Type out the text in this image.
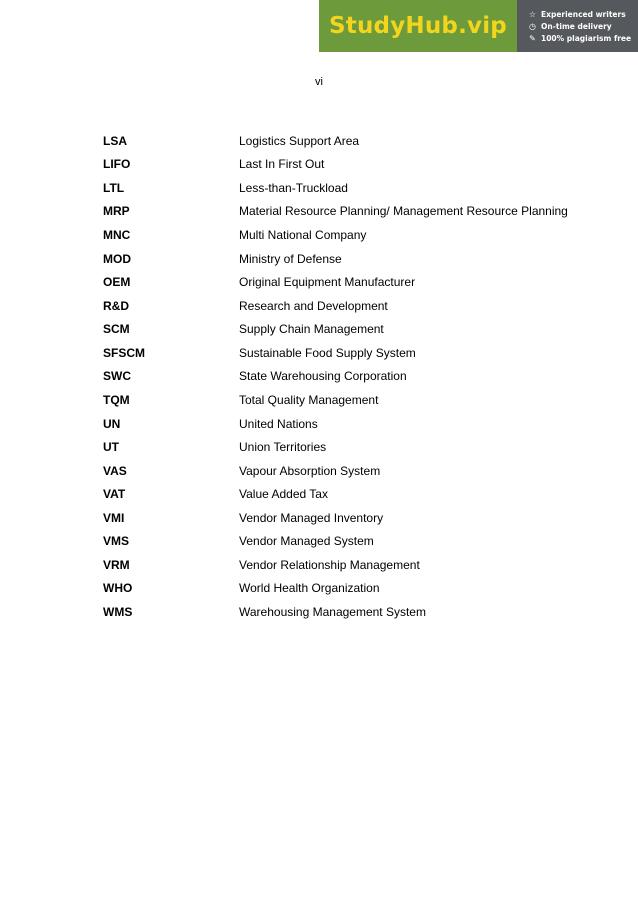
StudyHub.vip	☆ Experienced writers
◷ On-time delivery
✎ 100% plagiarism free
vi
LSA	Logistics Support Area
LIFO	Last In First Out
LTL	Less-than-Truckload
MRP	Material Resource Planning/ Management Resource Planning
MNC	Multi National Company
MOD	Ministry of Defense
OEM	Original Equipment Manufacturer
R&D	Research and Development
SCM	Supply Chain Management
SFSCM	Sustainable Food Supply System
SWC	State Warehousing Corporation
TQM	Total Quality Management
UN	United Nations
UT	Union Territories
VAS	Vapour Absorption System
VAT	Value Added Tax
VMI	Vendor Managed Inventory
VMS	Vendor Managed System
VRM	Vendor Relationship Management
WHO	World Health Organization
WMS	Warehousing Management System
